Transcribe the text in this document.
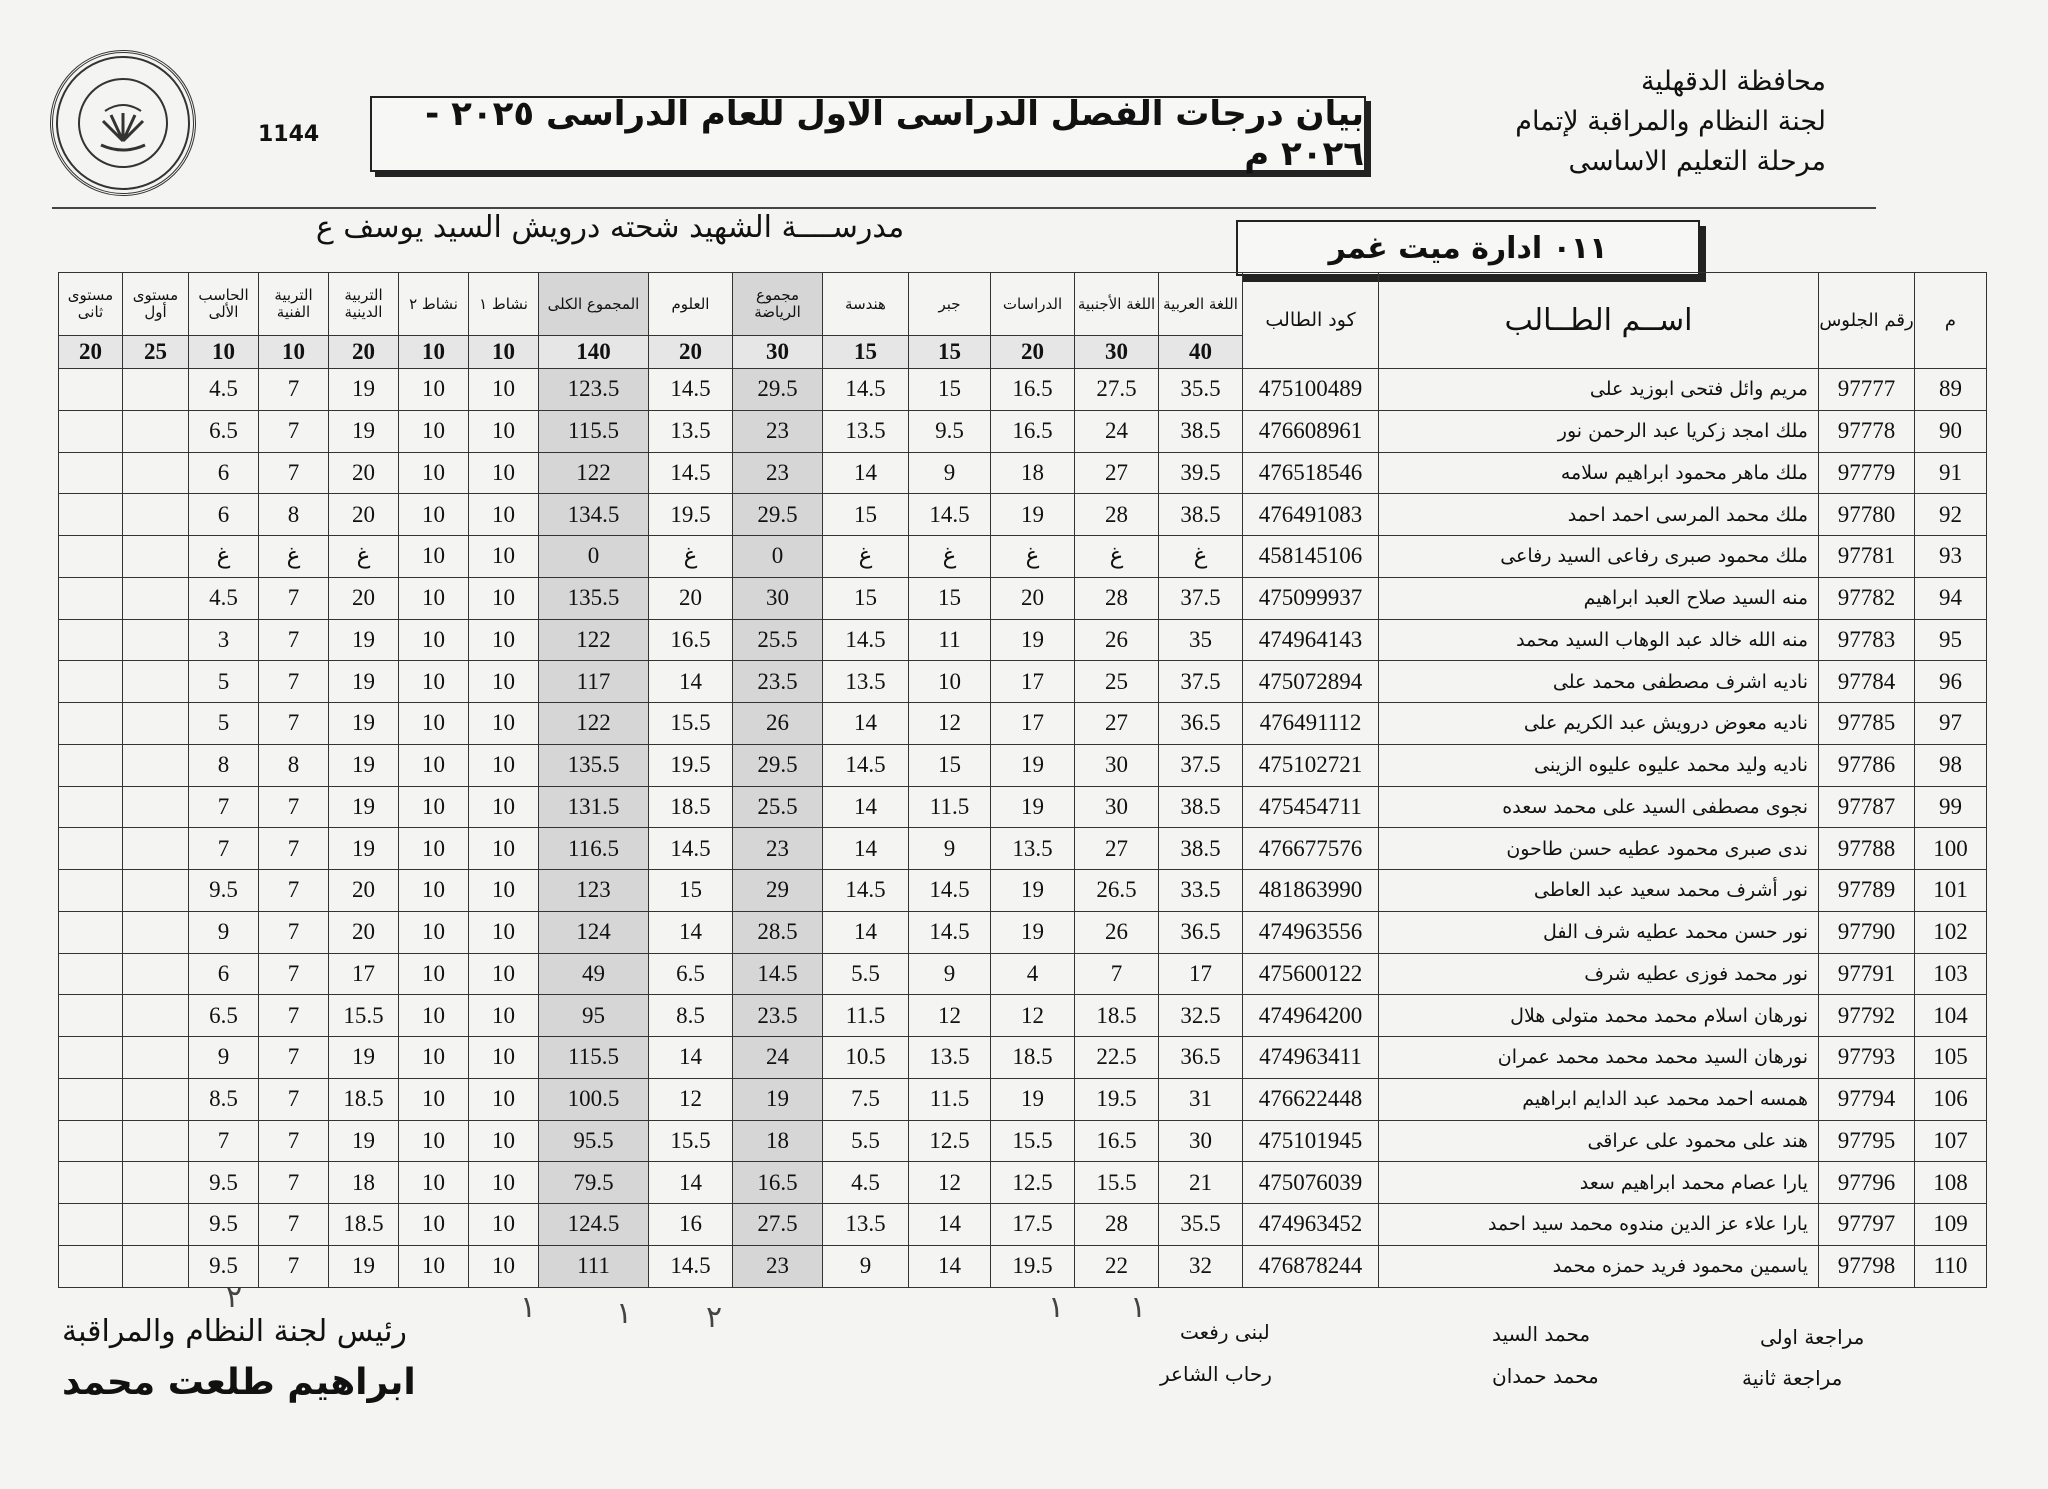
1144
بيان درجات الفصل الدراسى الاول للعام الدراسى ٢٠٢٥ - ٢٠٢٦ م
محافظة الدقهلية
لجنة النظام والمراقبة لإتمام
مرحلة التعليم الاساسى
مدرســــة الشهيد شحته درويش السيد يوسف ع
٠١١ ادارة ميت غمر
م	رقم الجلوس	اســم الطــالب	كود الطالب	اللغة العربية	اللغة الأجنبية	الدراسات	جبر	هندسة	مجموع الرياضة	العلوم	المجموع الكلى	نشاط ١	نشاط ٢	التربية الدينية	التربية الفنية	الحاسب الألى	مستوى أول	مستوى ثانى
				40	30	20	15	15	30	20	140	10	10	20	10	10	25	20
89	97777	مريم وائل فتحى ابوزيد على	475100489	35.5	27.5	16.5	15	14.5	29.5	14.5	123.5	10	10	19	7	4.5		
90	97778	ملك امجد زكريا عبد الرحمن نور	476608961	38.5	24	16.5	9.5	13.5	23	13.5	115.5	10	10	19	7	6.5		
91	97779	ملك ماهر محمود ابراهيم سلامه	476518546	39.5	27	18	9	14	23	14.5	122	10	10	20	7	6		
92	97780	ملك محمد المرسى احمد احمد	476491083	38.5	28	19	14.5	15	29.5	19.5	134.5	10	10	20	8	6		
93	97781	ملك محمود صبرى رفاعى السيد رفاعى	458145106	غ	غ	غ	غ	غ	0	غ	0	10	10	غ	غ	غ		
94	97782	منه السيد صلاح العبد ابراهيم	475099937	37.5	28	20	15	15	30	20	135.5	10	10	20	7	4.5		
95	97783	منه الله خالد عبد الوهاب السيد محمد	474964143	35	26	19	11	14.5	25.5	16.5	122	10	10	19	7	3		
96	97784	ناديه اشرف مصطفى محمد على	475072894	37.5	25	17	10	13.5	23.5	14	117	10	10	19	7	5		
97	97785	ناديه معوض درويش عبد الكريم على	476491112	36.5	27	17	12	14	26	15.5	122	10	10	19	7	5		
98	97786	ناديه وليد محمد عليوه عليوه الزينى	475102721	37.5	30	19	15	14.5	29.5	19.5	135.5	10	10	19	8	8		
99	97787	نجوى مصطفى السيد على محمد سعده	475454711	38.5	30	19	11.5	14	25.5	18.5	131.5	10	10	19	7	7		
100	97788	ندى صبرى محمود عطيه حسن طاحون	476677576	38.5	27	13.5	9	14	23	14.5	116.5	10	10	19	7	7		
101	97789	نور أشرف محمد سعيد عبد العاطى	481863990	33.5	26.5	19	14.5	14.5	29	15	123	10	10	20	7	9.5		
102	97790	نور حسن محمد عطيه شرف الفل	474963556	36.5	26	19	14.5	14	28.5	14	124	10	10	20	7	9		
103	97791	نور محمد فوزى عطيه شرف	475600122	17	7	4	9	5.5	14.5	6.5	49	10	10	17	7	6		
104	97792	نورهان اسلام محمد محمد متولى هلال	474964200	32.5	18.5	12	12	11.5	23.5	8.5	95	10	10	15.5	7	6.5		
105	97793	نورهان السيد محمد محمد محمد عمران	474963411	36.5	22.5	18.5	13.5	10.5	24	14	115.5	10	10	19	7	9		
106	97794	همسه احمد محمد عبد الدايم ابراهيم	476622448	31	19.5	19	11.5	7.5	19	12	100.5	10	10	18.5	7	8.5		
107	97795	هند على محمود على عراقى	475101945	30	16.5	15.5	12.5	5.5	18	15.5	95.5	10	10	19	7	7		
108	97796	يارا عصام محمد ابراهيم سعد	475076039	21	15.5	12.5	12	4.5	16.5	14	79.5	10	10	18	7	9.5		
109	97797	يارا علاء عز الدين مندوه محمد سيد احمد	474963452	35.5	28	17.5	14	13.5	27.5	16	124.5	10	10	18.5	7	9.5		
110	97798	ياسمين محمود فريد حمزه محمد	476878244	32	22	19.5	14	9	23	14.5	111	10	10	19	7	9.5		
مراجعة اولى
مراجعة ثانية
محمد السيد
محمد حمدان
لبنى رفعت
رحاب الشاعر
رئيس لجنة النظام والمراقبة
ابراهيم طلعت محمد
١
١
٢
١
١
٢
